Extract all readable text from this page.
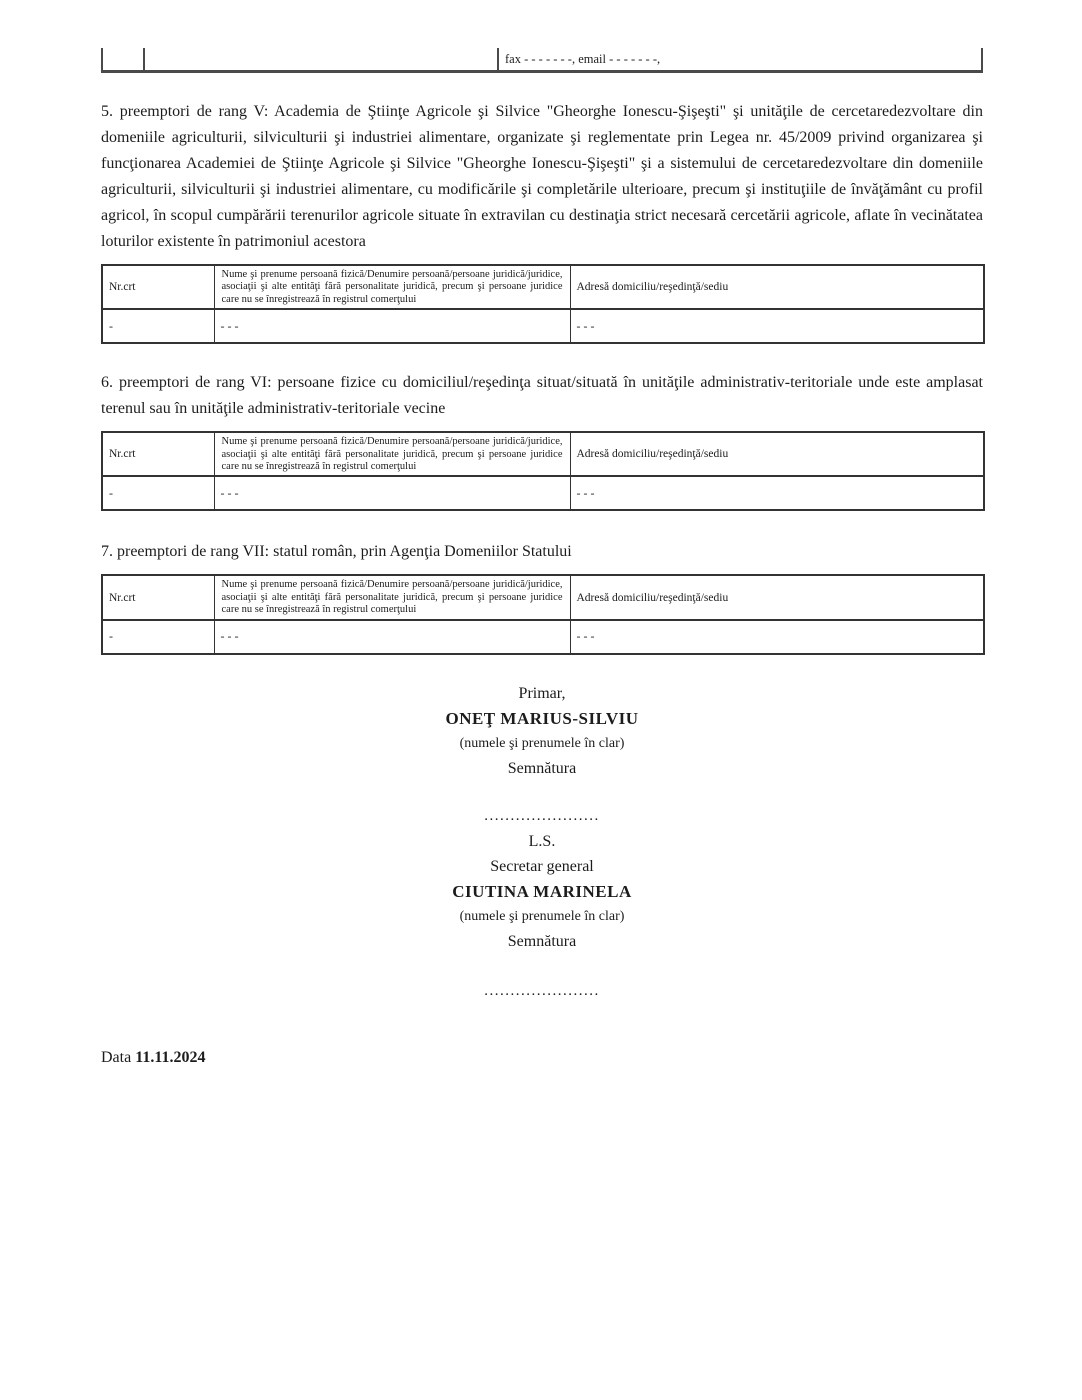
fax - - - - - - -, email - - - - - - -,

5. preemptori de rang V: Academia de Ştiinţe Agricole şi Silvice "Gheorghe Ionescu-Şişeşti" şi unităţile de cercetaredezvoltare din domeniile agriculturii, silviculturii şi industriei alimentare, organizate şi reglementate prin Legea nr. 45/2009 privind organizarea şi funcţionarea Academiei de Ştiinţe Agricole şi Silvice "Gheorghe Ionescu-Şişeşti" şi a sistemului de cercetaredezvoltare din domeniile agriculturii, silviculturii şi industriei alimentare, cu modificările şi completările ulterioare, precum şi instituţiile de învăţământ cu profil agricol, în scopul cumpărării terenurilor agricole situate în extravilan cu destinaţia strict necesară cercetării agricole, aflate în vecinătatea loturilor existente în patrimoniul acestora

Nr.crt	Nume şi prenume persoană fizică/Denumire persoană/persoane juridică/juridice, asociaţii şi alte entităţi fără personalitate juridică, precum şi persoane juridice care nu se înregistrează în registrul comerţului	Adresă domiciliu/reşedinţă/sediu
-	- - -	- - -

6. preemptori de rang VI: persoane fizice cu domiciliul/reşedinţa situat/situată în unităţile administrativ-teritoriale unde este amplasat terenul sau în unităţile administrativ-teritoriale vecine

Nr.crt	Nume şi prenume persoană fizică/Denumire persoană/persoane juridică/juridice, asociaţii şi alte entităţi fără personalitate juridică, precum şi persoane juridice care nu se înregistrează în registrul comerţului	Adresă domiciliu/reşedinţă/sediu
-	- - -	- - -

7. preemptori de rang VII: statul român, prin Agenţia Domeniilor Statului

Nr.crt	Nume şi prenume persoană fizică/Denumire persoană/persoane juridică/juridice, asociaţii şi alte entităţi fără personalitate juridică, precum şi persoane juridice care nu se înregistrează în registrul comerţului	Adresă domiciliu/reşedinţă/sediu
-	- - -	- - -
Primar,
ONEŢ MARIUS-SILVIU
(numele şi prenumele în clar)
Semnătura
......................
L.S.
Secretar general
CIUTINA MARINELA
(numele şi prenumele în clar)
Semnătura
......................
Data 11.11.2024
